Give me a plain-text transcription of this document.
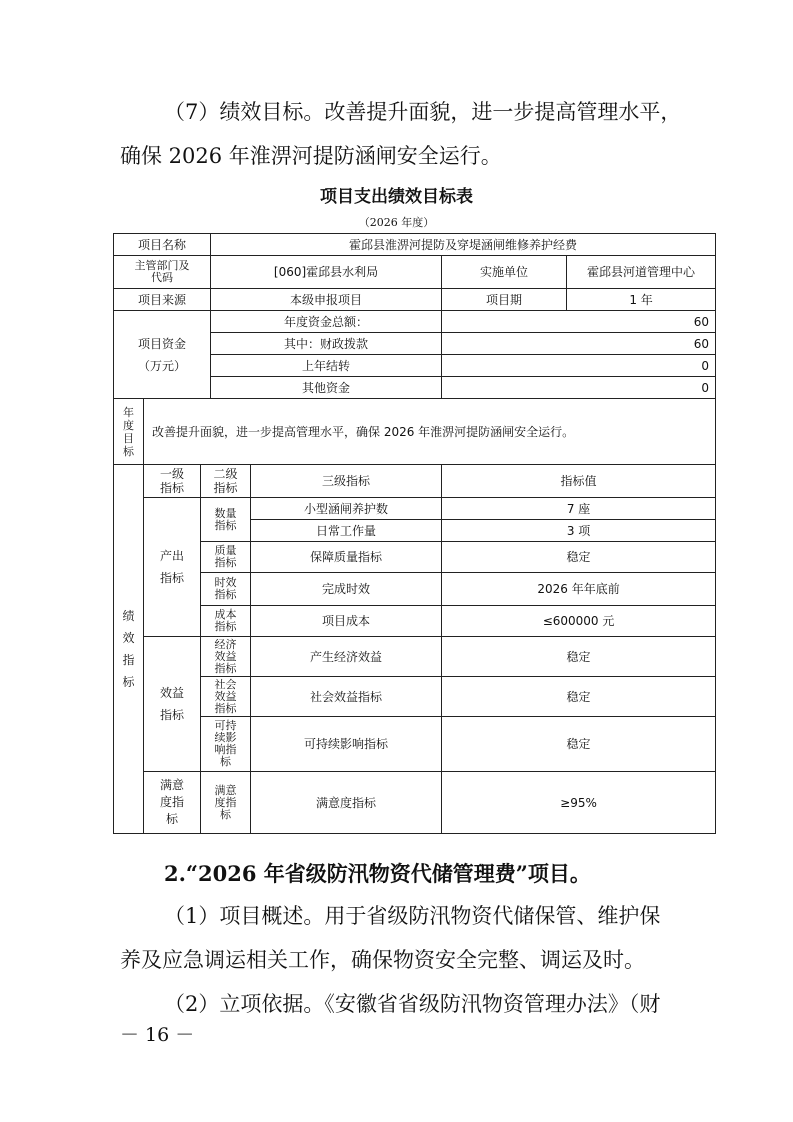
（7）绩效目标。改善提升面貌，进一步提高管理水平，

确保 2026 年淮淠河提防涵闸安全运行。

项目支出绩效目标表
（2026 年度）
项目名称			霍邱县淮淠河提防及穿堤涵闸维修养护经费			
主管部门及代码			[060]霍邱县水利局		实施单位	霍邱县河道管理中心
项目来源			本级申报项目		项目期	1 年

项目资金
（万元）			年度资金总额：		60	
			其中：财政拨款		60	
			上年结转		0	
			其他资金		0	
年度目标	改善提升面貌，进一步提高管理水平，确保 2026 年淮淠河提防涵闸安全运行。					
绩效指标	一级指标	二级指标		三级指标	指标值	
	产出指标	数量指标		小型涵闸养护数	7 座	
				日常工作量	3 项	
		质量指标		保障质量指标	稳定	
		时效指标		完成时效	2026 年年底前	
		成本指标		项目成本	≤600000 元	
	效益指标	经济效益指标		产生经济效益	稳定	
		社会效益指标		社会效益指标	稳定	
		可持续影响指标		可持续影响指标	稳定	
	满意度指标	满意度指标		满意度指标	≥95%	

2.“2026 年省级防汛物资代储管理费”项目。

（1）项目概述。用于省级防汛物资代储保管、维护保

养及应急调运相关工作，确保物资安全完整、调运及时。

（2）立项依据。《安徽省省级防汛物资管理办法》（财

－ 16 －
